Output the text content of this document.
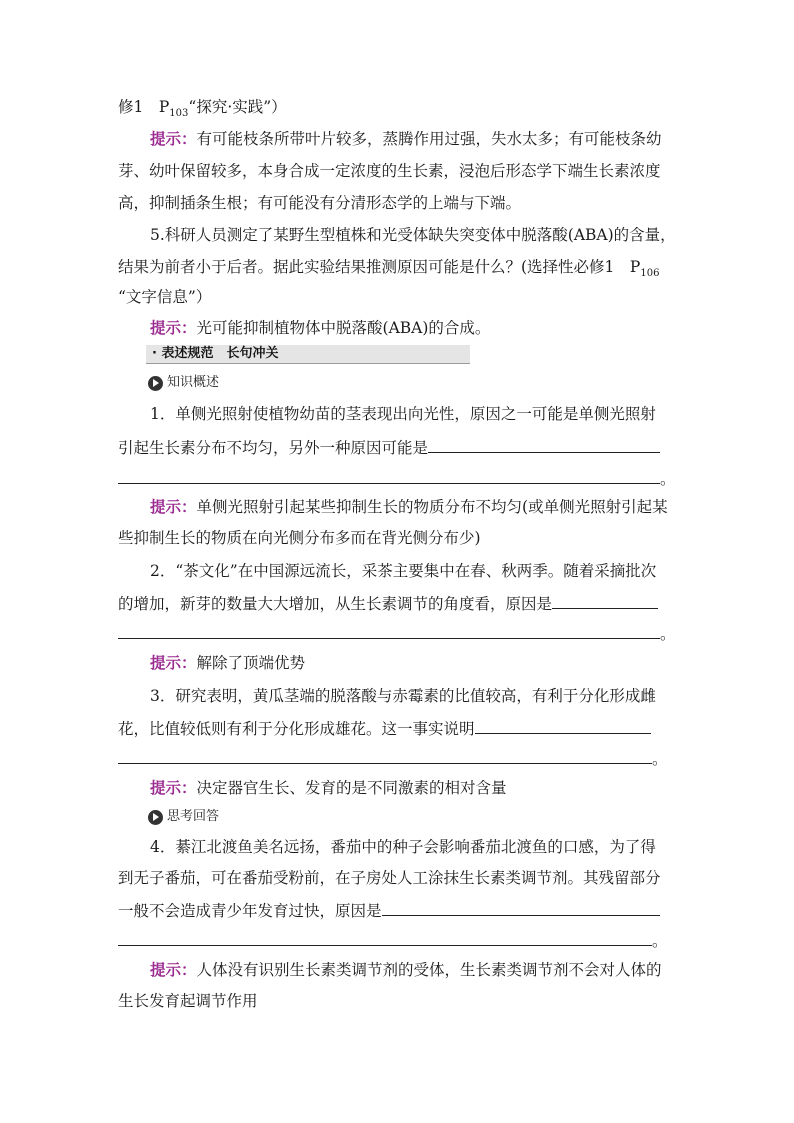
修1　$P_{103}“$探究·实践”）
提示：有可能枝条所带叶片较多，蒸腾作用过强，失水太多；有可能枝条幼
芽、幼叶保留较多，本身合成一定浓度的生长素，浸泡后形态学下端生长素浓度
高，抑制插条生根；有可能没有分清形态学的上端与下端。
5.科研人员测定了某野生型植株和光受体缺失突变体中脱落酸(ABA)的含量，
结果为前者小于后者。据此实验结果推测原因可能是什么？(选择性必修1　$P_{106}$
“文字信息”）
提示：光可能抑制植物体中脱落酸(ABA)的合成。
· 表述规范　长句冲关
知识概述
1．单侧光照射使植物幼苗的茎表现出向光性，原因之一可能是单侧光照射
引起生长素分布不均匀，另外一种原因可能是
。
提示：单侧光照射引起某些抑制生长的物质分布不均匀(或单侧光照射引起某
些抑制生长的物质在向光侧分布多而在背光侧分布少)
2．“茶文化”在中国源远流长，采茶主要集中在春、秋两季。随着采摘批次
的增加，新芽的数量大大增加，从生长素调节的角度看，原因是
。
提示：解除了顶端优势
3．研究表明，黄瓜茎端的脱落酸与赤霉素的比值较高，有利于分化形成雌
花，比值较低则有利于分化形成雄花。这一事实说明
。
提示：决定器官生长、发育的是不同激素的相对含量
思考回答
4．綦江北渡鱼美名远扬，番茄中的种子会影响番茄北渡鱼的口感，为了得
到无子番茄，可在番茄受粉前，在子房处人工涂抹生长素类调节剂。其残留部分
一般不会造成青少年发育过快，原因是
。
提示：人体没有识别生长素类调节剂的受体，生长素类调节剂不会对人体的
生长发育起调节作用
